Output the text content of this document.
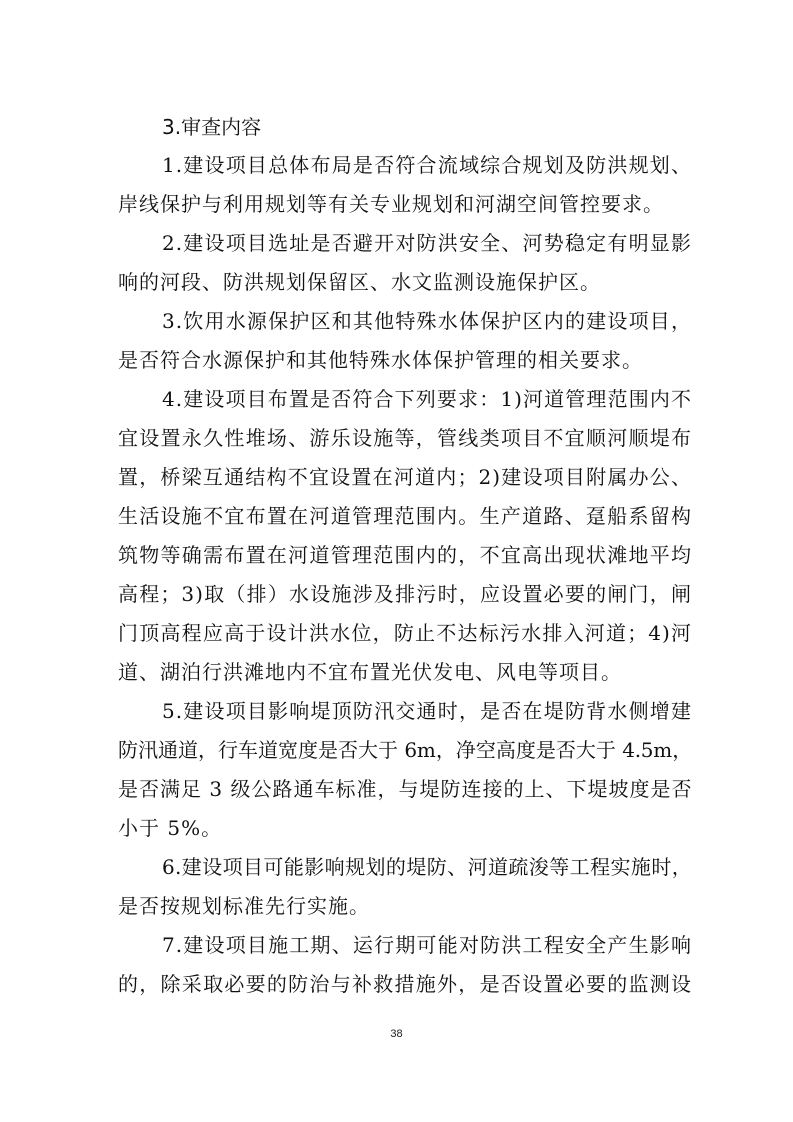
3.审查内容
1.建设项目总体布局是否符合流域综合规划及防洪规划、
岸线保护与利用规划等有关专业规划和河湖空间管控要求。
2.建设项目选址是否避开对防洪安全、河势稳定有明显影
响的河段、防洪规划保留区、水文监测设施保护区。
3.饮用水源保护区和其他特殊水体保护区内的建设项目，
是否符合水源保护和其他特殊水体保护管理的相关要求。
4.建设项目布置是否符合下列要求：1)河道管理范围内不
宜设置永久性堆场、游乐设施等，管线类项目不宜顺河顺堤布
置，桥梁互通结构不宜设置在河道内；2)建设项目附属办公、
生活设施不宜布置在河道管理范围内。生产道路、趸船系留构
筑物等确需布置在河道管理范围内的，不宜高出现状滩地平均
高程；3)取（排）水设施涉及排污时，应设置必要的闸门，闸
门顶高程应高于设计洪水位，防止不达标污水排入河道；4)河
道、湖泊行洪滩地内不宜布置光伏发电、风电等项目。
5.建设项目影响堤顶防汛交通时，是否在堤防背水侧增建
防汛通道，行车道宽度是否大于 6m，净空高度是否大于 4.5m，
是否满足 3 级公路通车标准，与堤防连接的上、下堤坡度是否
小于 5%。
6.建设项目可能影响规划的堤防、河道疏浚等工程实施时，
是否按规划标准先行实施。
7.建设项目施工期、运行期可能对防洪工程安全产生影响
的，除采取必要的防治与补救措施外，是否设置必要的监测设
38
